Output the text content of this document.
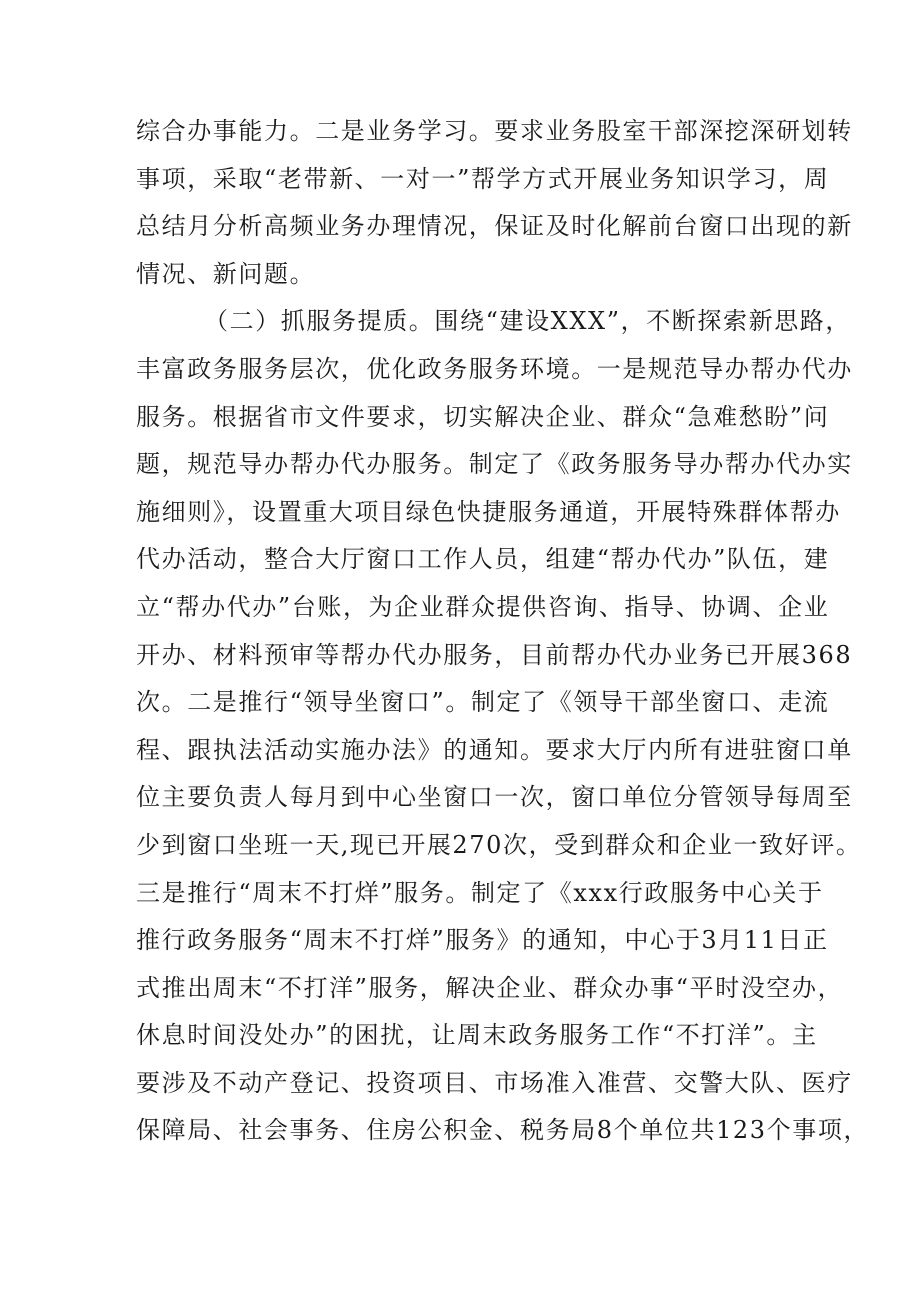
综合办事能力。二是业务学习。要求业务股室干部深挖深研划转
事项，采取“老带新、一对一”帮学方式开展业务知识学习，周
总结月分析高频业务办理情况，保证及时化解前台窗口出现的新
情况、新问题。
（二）抓服务提质。围绕“建设XXX”，不断探索新思路，
丰富政务服务层次，优化政务服务环境。一是规范导办帮办代办
服务。根据省市文件要求，切实解决企业、群众“急难愁盼”问
题，规范导办帮办代办服务。制定了《政务服务导办帮办代办实
施细则》，设置重大项目绿色快捷服务通道，开展特殊群体帮办
代办活动，整合大厅窗口工作人员，组建“帮办代办”队伍，建
立“帮办代办”台账，为企业群众提供咨询、指导、协调、企业
开办、材料预审等帮办代办服务，目前帮办代办业务已开展368
次。二是推行“领导坐窗口”。制定了《领导干部坐窗口、走流
程、跟执法活动实施办法》的通知。要求大厅内所有进驻窗口单
位主要负责人每月到中心坐窗口一次，窗口单位分管领导每周至
少到窗口坐班一天,现已开展270次，受到群众和企业一致好评。
三是推行“周末不打烊”服务。制定了《xxx行政服务中心关于
推行政务服务“周末不打烊”服务》的通知，中心于3月11日正
式推出周末“不打洋”服务，解决企业、群众办事“平时没空办，
休息时间没处办”的困扰，让周末政务服务工作“不打洋”。主
要涉及不动产登记、投资项目、市场准入准营、交警大队、医疗
保障局、社会事务、住房公积金、税务局8个单位共123个事项，
